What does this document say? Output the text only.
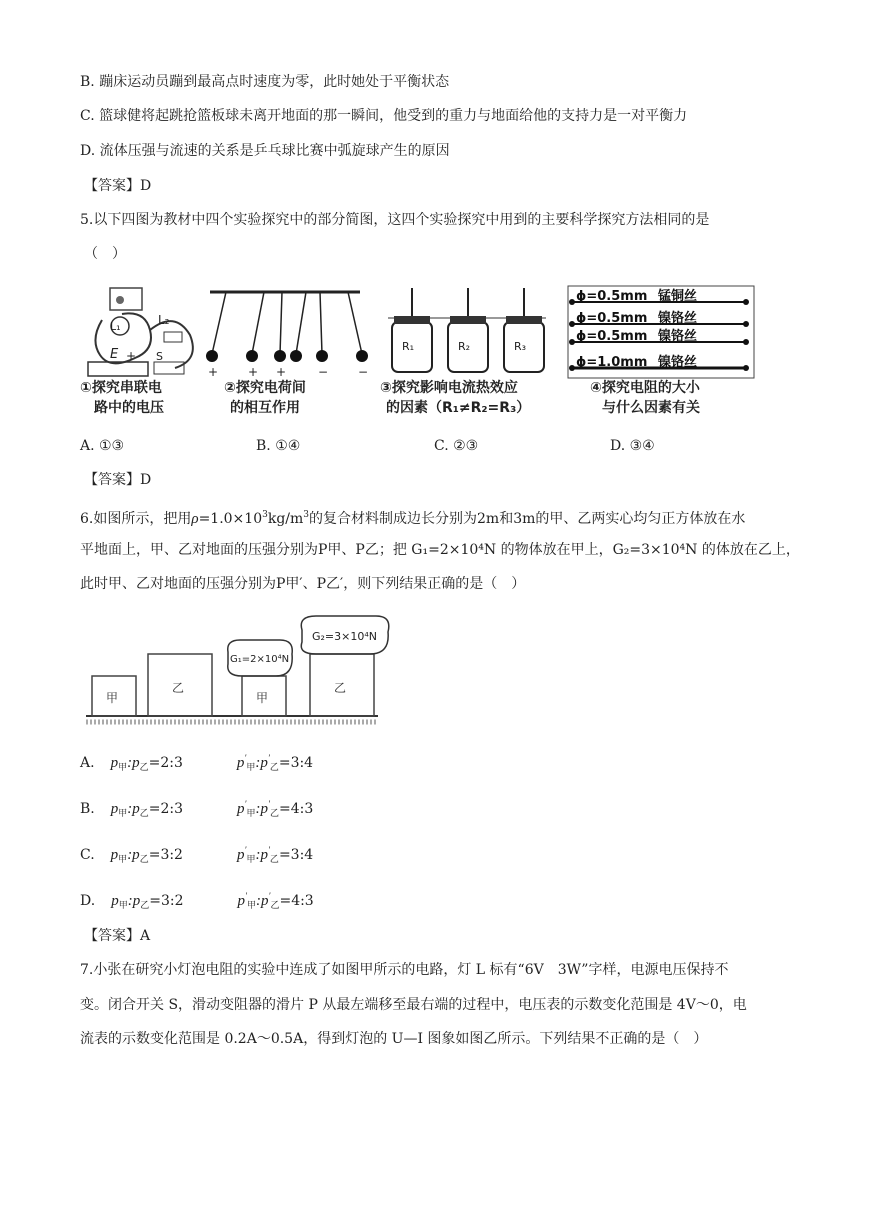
B. 蹦床运动员蹦到最高点时速度为零，此时她处于平衡状态
C. 篮球健将起跳抢篮板球未离开地面的那一瞬间，他受到的重力与地面给他的支持力是一对平衡力
D. 流体压强与流速的关系是乒乓球比赛中弧旋球产生的原因
【答案】D
5.以下四图为教材中四个实验探究中的部分简图，这四个实验探究中用到的主要科学探究方法相同的是
（　）
L₁	L₂
E + S
①探究串联电
路中的电压
+ + +	− −
②探究电荷间
的相互作用
R₁	R₂	R₃
③探究影响电流热效应
的因素（R₁≠R₂=R₃）
ϕ=0.5mm 锰铜丝
ϕ=0.5mm 镍铬丝
ϕ=0.5mm 镍铬丝
ϕ=1.0mm 镍铬丝
④探究电阻的大小
与什么因素有关
A. ①③	B. ①④	C. ②③	D. ③④
【答案】D
6.如图所示，把用$\rho=1.0\times 10^3kg/m^3$的复合材料制成边长分别为2m和3m的甲、乙两实心均匀正方体放在水
平地面上，甲、乙对地面的压强分别为P甲、P乙；把 G₁=2×10⁴N 的物体放在甲上，G₂=3×10⁴N 的体放在乙上，
此时甲、乙对地面的压强分别为P甲′、P乙′，则下列结果正确的是（　）
甲
乙
甲
G₁=2×10⁴N
乙
G₂=3×10⁴N
A. $p_甲:p_乙=2:3$	$p'_甲:p'_乙=3:4$
B. $p_甲:p_乙=2:3$	$p'_甲:p'_乙=4:3$
C. $p_甲:p_乙=3:2$	$p'_甲:p'_乙=3:4$
D. $p_甲:p_乙=3:2$	$p'_甲:p'_乙=4:3$
【答案】A
7.小张在研究小灯泡电阻的实验中连成了如图甲所示的电路，灯 L 标有“6V　3W”字样，电源电压保持不
变。闭合开关 S，滑动变阻器的滑片 P 从最左端移至最右端的过程中，电压表的示数变化范围是 4V～0，电
流表的示数变化范围是 0.2A～0.5A，得到灯泡的 U—I 图象如图乙所示。下列结果不正确的是（　）
